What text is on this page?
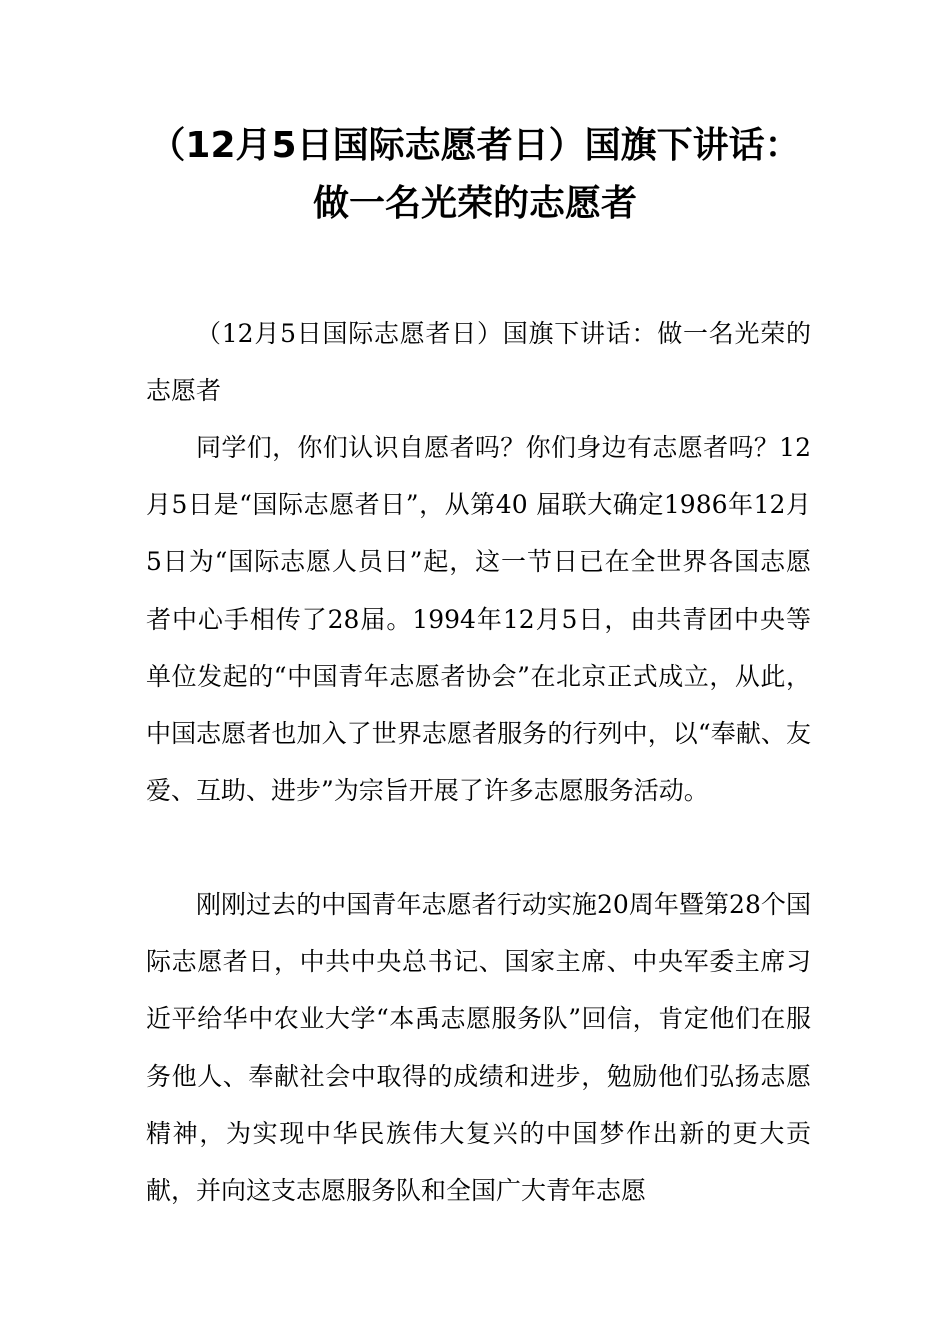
（12月5日国际志愿者日）国旗下讲话：
做一名光荣的志愿者

（12月5日国际志愿者日）国旗下讲话：做一名光荣的志愿者

同学们，你们认识自愿者吗？你们身边有志愿者吗？12月5日是“国际志愿者日”，从第40 届联大确定1986年12月5日为“国际志愿人员日”起，这一节日已在全世界各国志愿者中心手相传了28届。1994年12月5日，由共青团中央等单位发起的“中国青年志愿者协会”在北京正式成立，从此，中国志愿者也加入了世界志愿者服务的行列中，以“奉献、友爱、互助、进步”为宗旨开展了许多志愿服务活动。

刚刚过去的中国青年志愿者行动实施20周年暨第28个国际志愿者日，中共中央总书记、国家主席、中央军委主席习近平给华中农业大学“本禹志愿服务队”回信，肯定他们在服务他人、奉献社会中取得的成绩和进步，勉励他们弘扬志愿精神，为实现中华民族伟大复兴的中国梦作出新的更大贡献，并向这支志愿服务队和全国广大青年志愿
